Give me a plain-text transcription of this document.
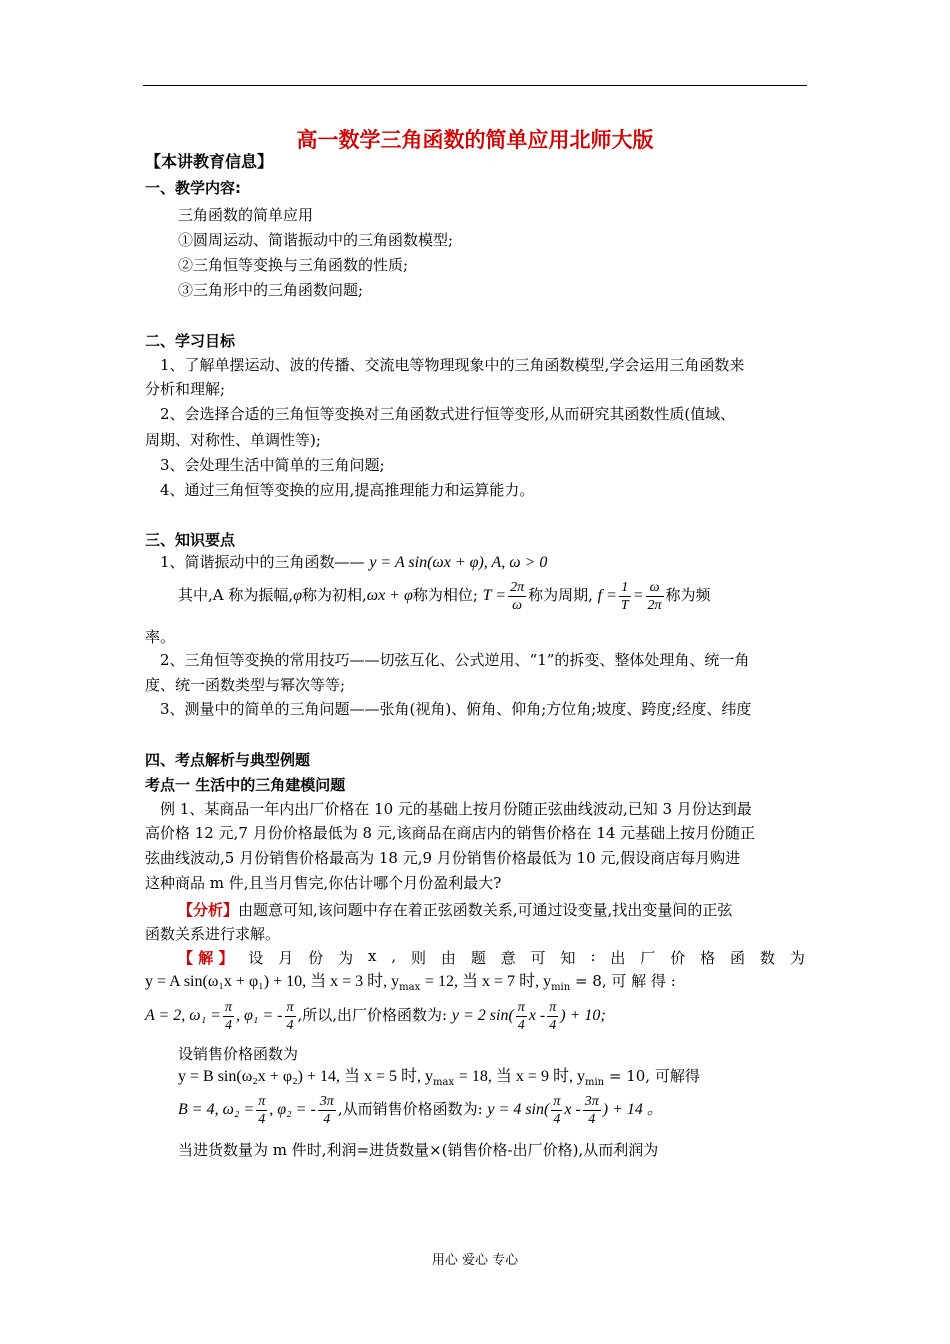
高一数学三角函数的简单应用北师大版
【本讲教育信息】
一、教学内容:
三角函数的简单应用
①圆周运动、简谐振动中的三角函数模型;
②三角恒等变换与三角函数的性质;
③三角形中的三角函数问题;
二、学习目标
1、了解单摆运动、波的传播、交流电等物理现象中的三角函数模型,学会运用三角函数来
分析和理解;
2、会选择合适的三角恒等变换对三角函数式进行恒等变形,从而研究其函数性质(值域、
周期、对称性、单调性等);
3、会处理生活中简单的三角问题;
4、通过三角恒等变换的应用,提高推理能力和运算能力。
三、知识要点
1、简谐振动中的三角函数—— y = A sin(ωx + φ), A, ω > 0
其中,A 称为振幅,φ称为初相,ωx + φ称为相位; $T = \frac{2\pi}{\omega}$ 称为周期, $f = \frac{1}{T} = \frac{\omega}{2\pi}$ 称为频
率。
2、三角恒等变换的常用技巧——切弦互化、公式逆用、“1”的拆变、整体处理角、统一角
度、统一函数类型与幂次等等;
3、测量中的简单的三角问题——张角(视角)、俯角、仰角;方位角;坡度、跨度;经度、纬度
四、考点解析与典型例题
考点一 生活中的三角建模问题
例 1、某商品一年内出厂价格在 10 元的基础上按月份随正弦曲线波动,已知 3 月份达到最
高价格 12 元,7 月份价格最低为 8 元,该商品在商店内的销售价格在 14 元基础上按月份随正
弦曲线波动,5 月份销售价格最高为 18 元,9 月份销售价格最低为 10 元,假设商店每月购进
这种商品 m 件,且当月售完,你估计哪个月份盈利最大?
【分析】由题意可知,该问题中存在着正弦函数关系,可通过设变量,找出变量间的正弦
函数关系进行求解。
【 解 】 设 月 份 为 x , 则 由 题 意 可 知 : 出 厂 价 格 函 数 为
y = A sin(ω₁x + φ₁) + 10, 当 x = 3 时, $y_{max} = 12$, 当 x = 7 时, $y_{min} = 8$, 可 解 得 :
A = 2, $\omega_1 = \frac{\pi}{4}$ , φ₁ = - $\frac{\pi}{4}$ ,所以,出厂价格函数为: y = 2 $\sin( \frac{\pi}{4}$ x - $\frac{\pi}{4}$ ) + 10;
设销售价格函数为
y = B sin(ω₂x + φ₂) + 14, 当 x = 5 时, $y_{max} = 18$, 当 x = 9 时, $y_{min} = 10$, 可解得
B = 4, $\omega_2 = \frac{\pi}{4}$ , φ₂ = - $\frac{3\pi}{4}$ ,从而销售价格函数为: y = 4 $\sin( \frac{\pi}{4}$ x - $\frac{3\pi}{4}$ ) + 14 。
当进货数量为 m 件时,利润=进货数量×(销售价格-出厂价格),从而利润为
用心 爱心 专心
